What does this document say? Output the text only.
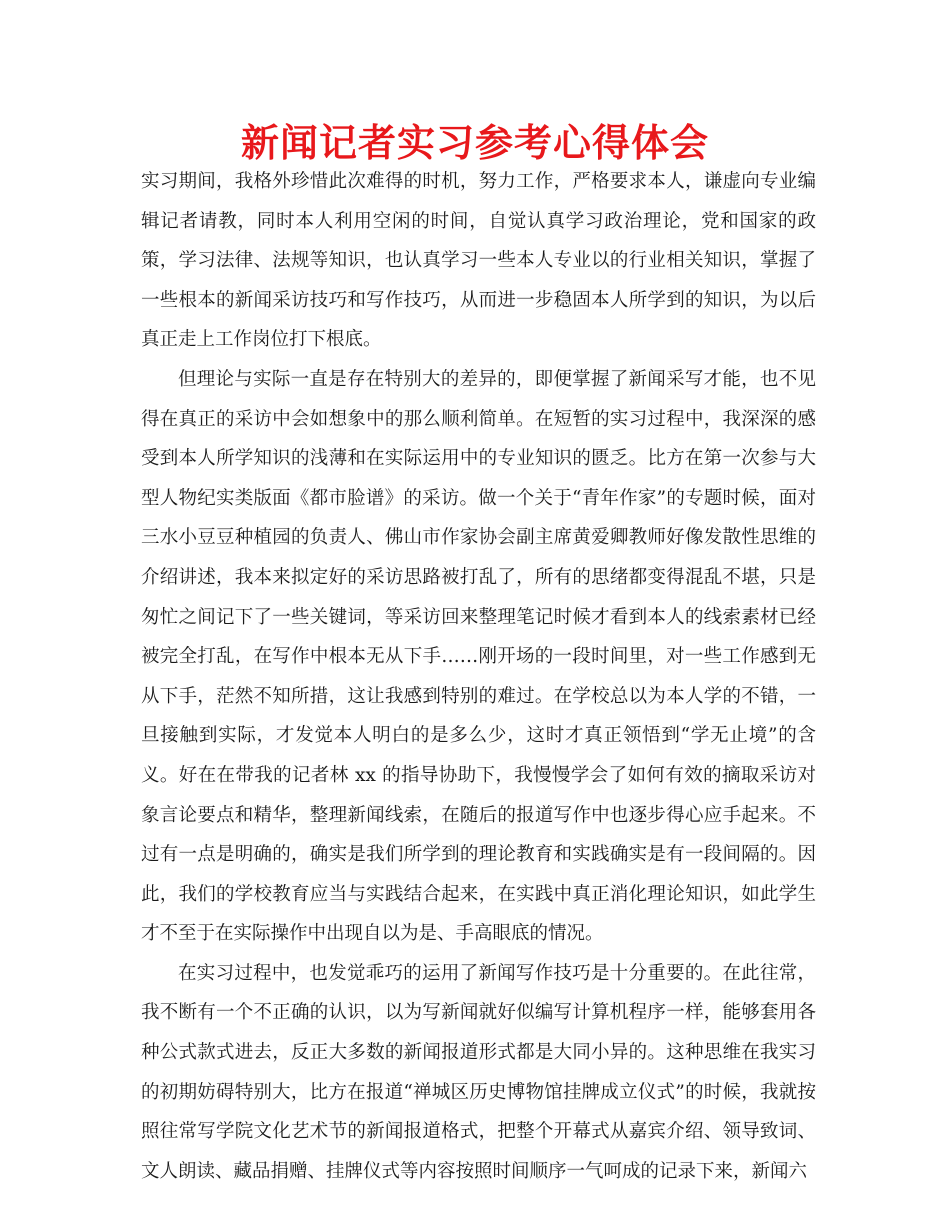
新闻记者实习参考心得体会

实习期间，我格外珍惜此次难得的时机，努力工作，严格要求本人，谦虚向专业编辑记者请教，同时本人利用空闲的时间，自觉认真学习政治理论，党和国家的政策，学习法律、法规等知识，也认真学习一些本人专业以的行业相关知识，掌握了一些根本的新闻采访技巧和写作技巧，从而进一步稳固本人所学到的知识，为以后真正走上工作岗位打下根底。

但理论与实际一直是存在特别大的差异的，即便掌握了新闻采写才能，也不见得在真正的采访中会如想象中的那么顺利简单。在短暂的实习过程中，我深深的感受到本人所学知识的浅薄和在实际运用中的专业知识的匮乏。比方在第一次参与大型人物纪实类版面《都市脸谱》的采访。做一个关于“青年作家”的专题时候，面对三水小豆豆种植园的负责人、佛山市作家协会副主席黄爱卿教师好像发散性思维的介绍讲述，我本来拟定好的采访思路被打乱了，所有的思绪都变得混乱不堪，只是匆忙之间记下了一些关键词，等采访回来整理笔记时候才看到本人的线索素材已经被完全打乱，在写作中根本无从下手……刚开场的一段时间里，对一些工作感到无从下手，茫然不知所措，这让我感到特别的难过。在学校总以为本人学的不错，一旦接触到实际，才发觉本人明白的是多么少，这时才真正领悟到“学无止境”的含义。好在在带我的记者林 xx 的指导协助下，我慢慢学会了如何有效的摘取采访对象言论要点和精华，整理新闻线索，在随后的报道写作中也逐步得心应手起来。不过有一点是明确的，确实是我们所学到的理论教育和实践确实是有一段间隔的。因此，我们的学校教育应当与实践结合起来，在实践中真正消化理论知识，如此学生才不至于在实际操作中出现自以为是、手高眼底的情况。

在实习过程中，也发觉乖巧的运用了新闻写作技巧是十分重要的。在此往常，我不断有一个不正确的认识，以为写新闻就好似编写计算机程序一样，能够套用各种公式款式进去，反正大多数的新闻报道形式都是大同小异的。这种思维在我实习的初期妨碍特别大，比方在报道“禅城区历史博物馆挂牌成立仪式”的时候，我就按照往常写学院文化艺术节的新闻报道格式，把整个开幕式从嘉宾介绍、领导致词、文人朗读、藏品捐赠、挂牌仪式等内容按照时间顺序一气呵成的记录下来，新闻六
